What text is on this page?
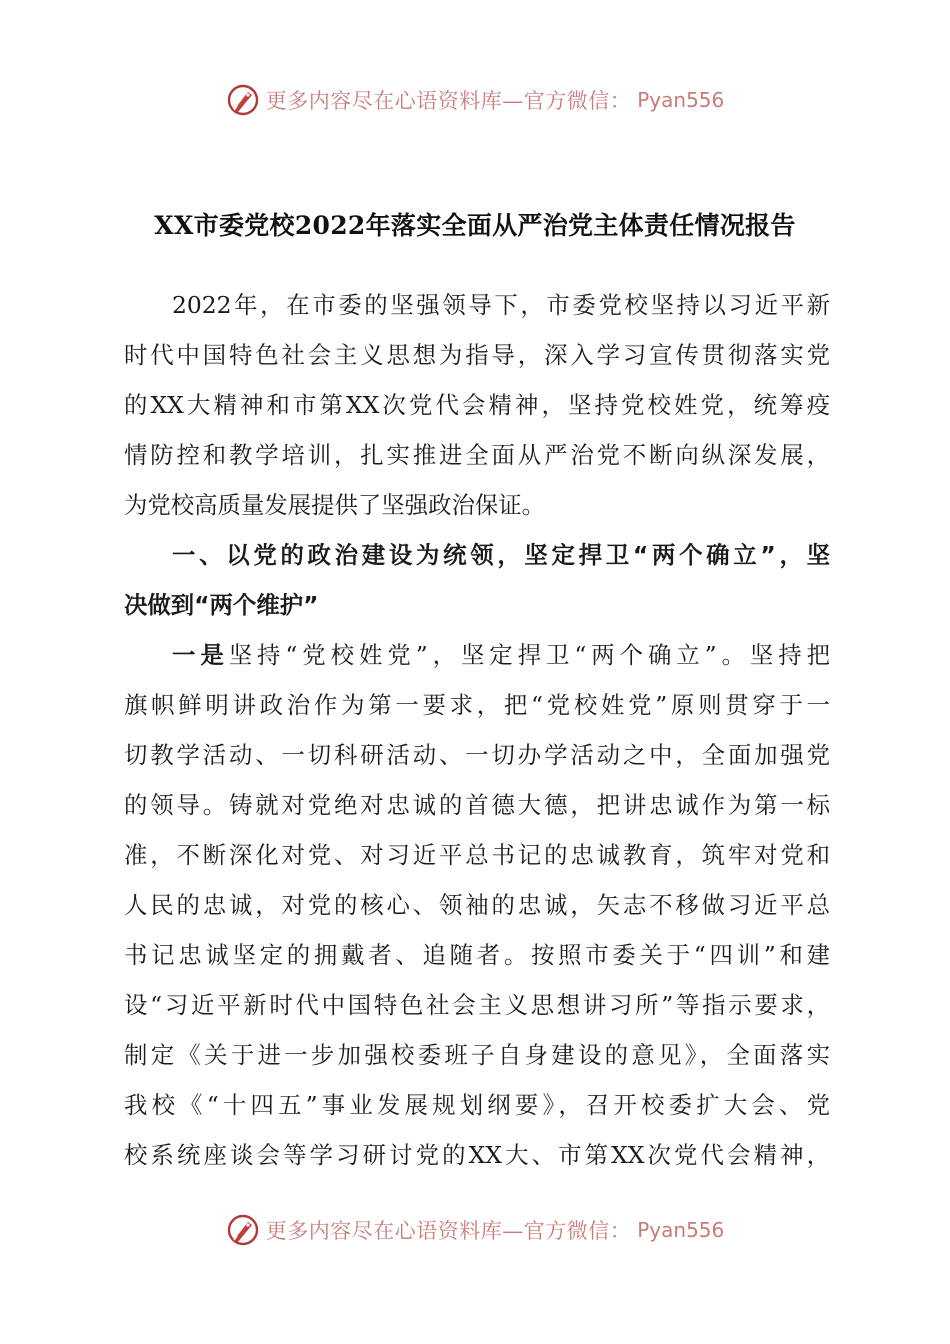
更多内容尽在心语资料库—官方微信： Pyan556
XX市委党校2022年落实全面从严治党主体责任情况报告
2022年，在市委的坚强领导下，市委党校坚持以习近平新
时代中国特色社会主义思想为指导，深入学习宣传贯彻落实党
的XX大精神和市第XX次党代会精神，坚持党校姓党，统筹疫
情防控和教学培训，扎实推进全面从严治党不断向纵深发展，
为党校高质量发展提供了坚强政治保证。
一、以党的政治建设为统领，坚定捍卫“两个确立”，坚
决做到“两个维护”
一是坚持“党校姓党”，坚定捍卫“两个确立”。坚持把
旗帜鲜明讲政治作为第一要求，把“党校姓党”原则贯穿于一
切教学活动、一切科研活动、一切办学活动之中，全面加强党
的领导。铸就对党绝对忠诚的首德大德，把讲忠诚作为第一标
准，不断深化对党、对习近平总书记的忠诚教育，筑牢对党和
人民的忠诚，对党的核心、领袖的忠诚，矢志不移做习近平总
书记忠诚坚定的拥戴者、追随者。按照市委关于“四训”和建
设“习近平新时代中国特色社会主义思想讲习所”等指示要求，
制定《关于进一步加强校委班子自身建设的意见》，全面落实
我校《“十四五”事业发展规划纲要》，召开校委扩大会、党
校系统座谈会等学习研讨党的XX大、市第XX次党代会精神，
更多内容尽在心语资料库—官方微信： Pyan556
